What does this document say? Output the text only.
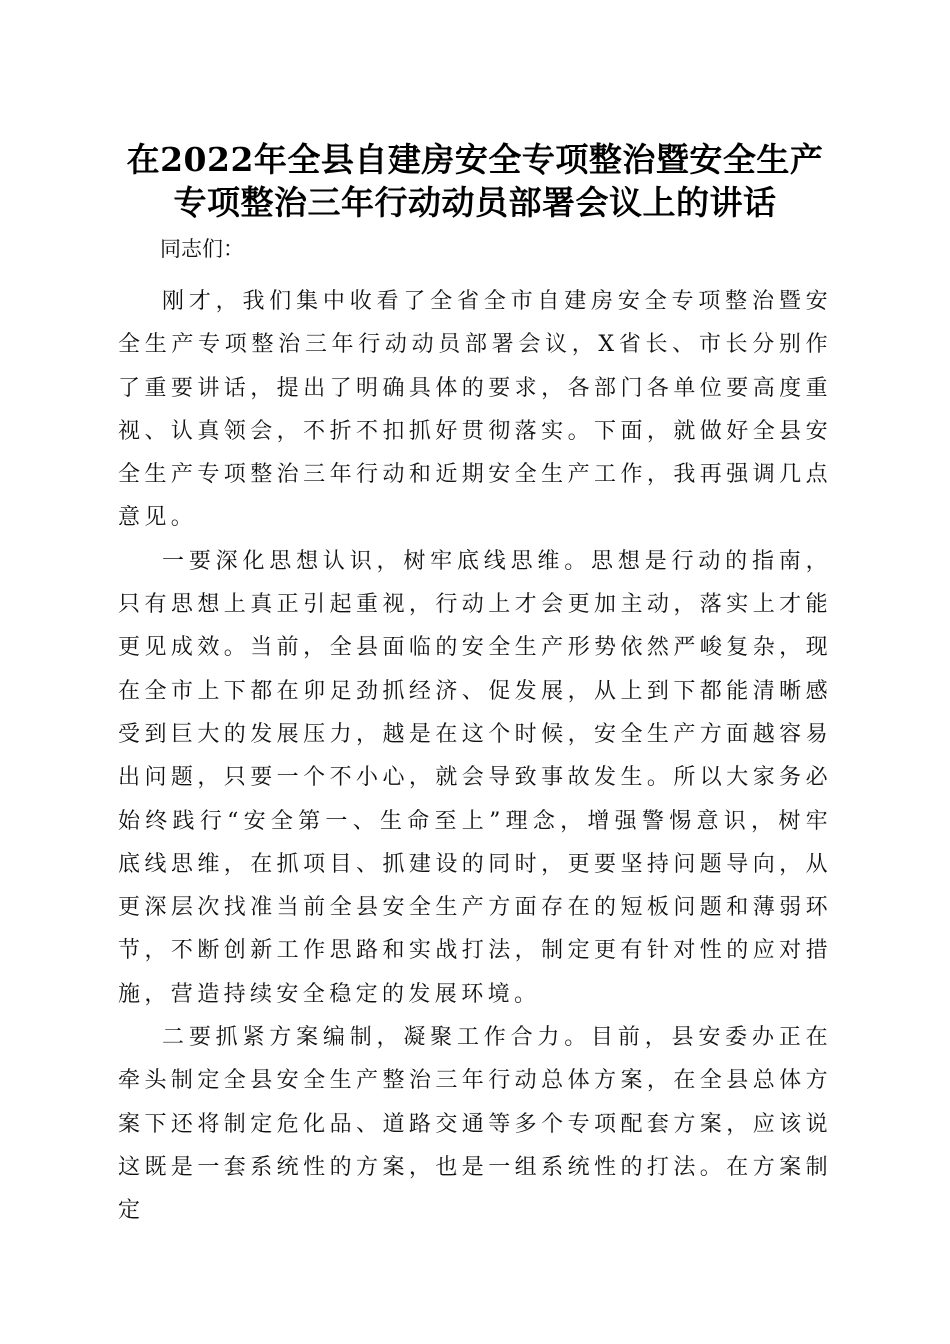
在2022年全县自建房安全专项整治暨安全生产专项整治三年行动动员部署会议上的讲话

同志们：

刚才，我们集中收看了全省全市自建房安全专项整治暨安全生产专项整治三年行动动员部署会议，X省长、市长分别作了重要讲话，提出了明确具体的要求，各部门各单位要高度重视、认真领会，不折不扣抓好贯彻落实。下面，就做好全县安全生产专项整治三年行动和近期安全生产工作，我再强调几点意见。

一要深化思想认识，树牢底线思维。思想是行动的指南，只有思想上真正引起重视，行动上才会更加主动，落实上才能更见成效。当前，全县面临的安全生产形势依然严峻复杂，现在全市上下都在卯足劲抓经济、促发展，从上到下都能清晰感受到巨大的发展压力，越是在这个时候，安全生产方面越容易出问题，只要一个不小心，就会导致事故发生。所以大家务必始终践行“安全第一、生命至上”理念，增强警惕意识，树牢底线思维，在抓项目、抓建设的同时，更要坚持问题导向，从更深层次找准当前全县安全生产方面存在的短板问题和薄弱环节，不断创新工作思路和实战打法，制定更有针对性的应对措施，营造持续安全稳定的发展环境。

二要抓紧方案编制，凝聚工作合力。目前，县安委办正在牵头制定全县安全生产整治三年行动总体方案，在全县总体方案下还将制定危化品、道路交通等多个专项配套方案，应该说这既是一套系统性的方案，也是一组系统性的打法。在方案制定
